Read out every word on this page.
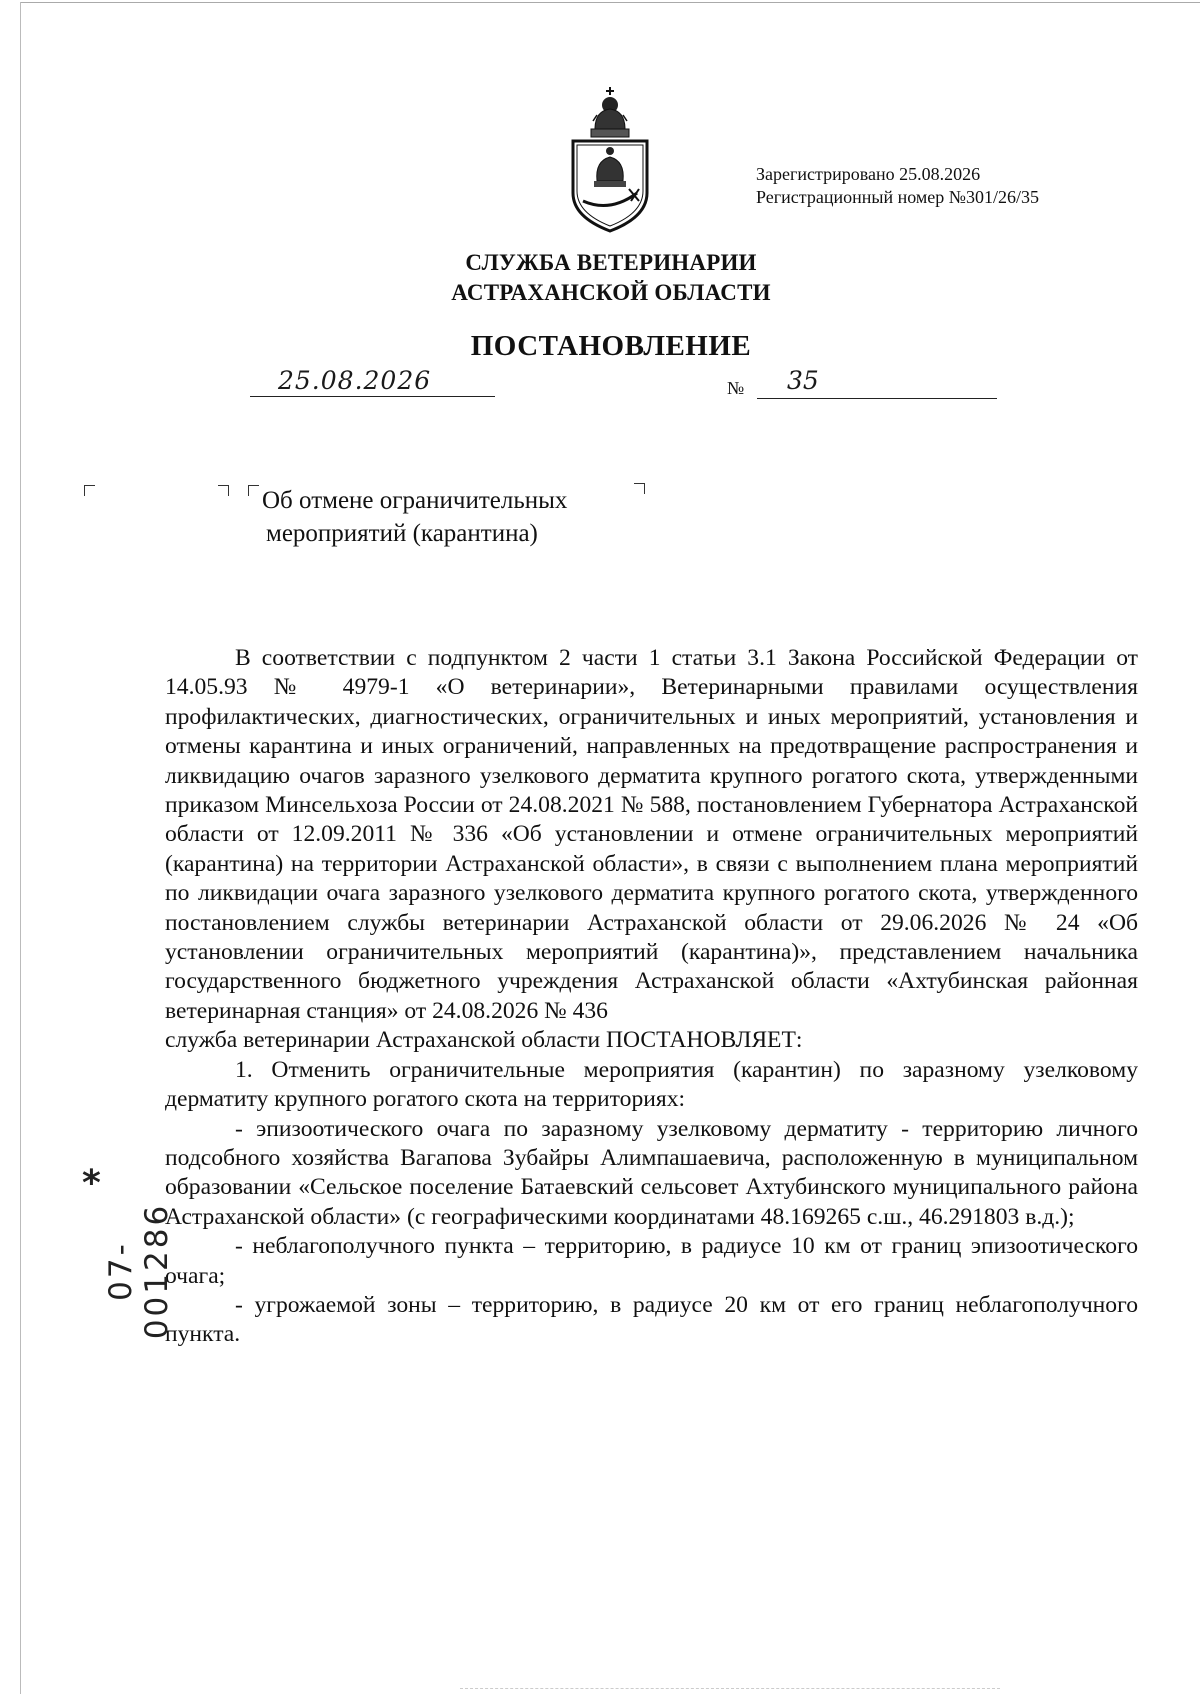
Зарегистрировано 25.08.2026
Регистрационный номер №301/26/35
СЛУЖБА ВЕТЕРИНАРИИ
АСТРАХАНСКОЙ ОБЛАСТИ
ПОСТАНОВЛЕНИЕ
25.08.2026	№ 35
Об отмене ограничительных
мероприятий (карантина)

В соответствии с подпунктом 2 части 1 статьи 3.1 Закона Российской Федерации от 14.05.93 № 4979-1 «О ветеринарии», Ветеринарными правилами осуществления профилактических, диагностических, ограничительных и иных мероприятий, установления и отмены карантина и иных ограничений, направленных на предотвращение распространения и ликвидацию очагов заразного узелкового дерматита крупного рогатого скота, утвержденными приказом Минсельхоза России от 24.08.2021 № 588, постановлением Губернатора Астраханской области от 12.09.2011 № 336 «Об установлении и отмене ограничительных мероприятий (карантина) на территории Астраханской области», в связи с выполнением плана мероприятий по ликвидации очага заразного узелкового дерматита крупного рогатого скота, утвержденного постановлением службы ветеринарии Астраханской области от 29.06.2026 № 24 «Об установлении ограничительных мероприятий (карантина)», представлением начальника государственного бюджетного учреждения Астраханской области «Ахтубинская районная ветеринарная станция» от 24.08.2026 № 436

служба ветеринарии Астраханской области ПОСТАНОВЛЯЕТ:

1. Отменить ограничительные мероприятия (карантин) по заразному узелковому дерматиту крупного рогатого скота на территориях:

- эпизоотического очага по заразному узелковому дерматиту - территорию личного подсобного хозяйства Вагапова Зубайры Алимпашаевича, расположенную в муниципальном образовании «Сельское поселение Батаевский сельсовет Ахтубинского муниципального района Астраханской области» (с географическими координатами 48.169265 с.ш., 46.291803 в.д.);

- неблагополучного пункта – территорию, в радиусе 10 км от границ эпизоотического очага;

- угрожаемой зоны – территорию, в радиусе 20 км от его границ неблагополучного пункта.

*
07-001286
